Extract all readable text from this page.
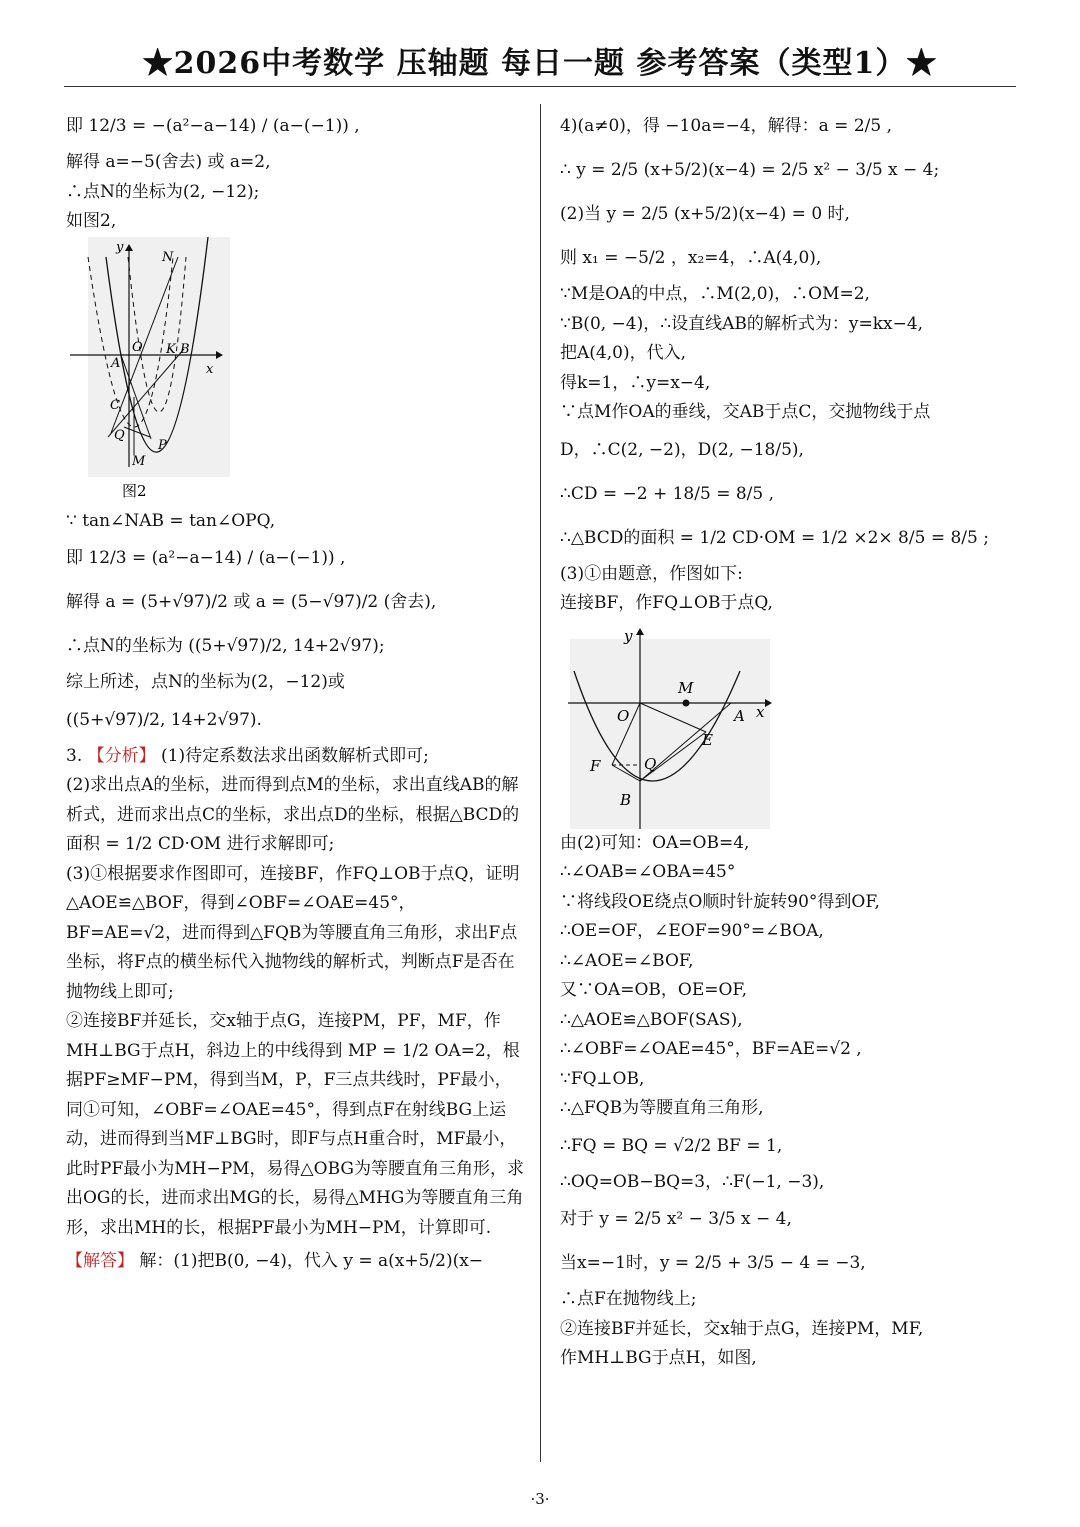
★2026中考数学 压轴题 每日一题 参考答案（类型1）★
即 12/3 = −(a²−a−14) / (a−(−1)) ,
解得 a=−5(舍去) 或 a=2,
∴点N的坐标为(2, −12);
如图2,
y
x
N
O
A
K B
C
Q
P
M
图2
∵ tan∠NAB = tan∠OPQ,
即 12/3 = (a²−a−14) / (a−(−1)) ,
解得 a = (5+√97)/2 或 a = (5−√97)/2 (舍去),
∴点N的坐标为 ((5+√97)/2, 14+2√97);
综上所述，点N的坐标为(2，−12)或
((5+√97)/2, 14+2√97).
3. 【分析】 (1)待定系数法求出函数解析式即可;
(2)求出点A的坐标，进而得到点M的坐标，求出直线AB的解析式，进而求出点C的坐标，求出点D的坐标，根据△BCD的面积 = 1/2 CD·OM 进行求解即可;
(3)①根据要求作图即可，连接BF，作FQ⊥OB于点Q，证明△AOE≌△BOF，得到∠OBF=∠OAE=45°，BF=AE=√2，进而得到△FQB为等腰直角三角形，求出F点坐标，将F点的横坐标代入抛物线的解析式，判断点F是否在抛物线上即可;
②连接BF并延长，交x轴于点G，连接PM，PF，MF，作MH⊥BG于点H，斜边上的中线得到 MP = 1/2 OA=2，根据PF≥MF−PM，得到当M，P，F三点共线时，PF最小，同①可知，∠OBF=∠OAE=45°，得到点F在射线BG上运动，进而得到当MF⊥BG时，即F与点H重合时，MF最小，此时PF最小为MH−PM，易得△OBG为等腰直角三角形，求出OG的长，进而求出MG的长，易得△MHG为等腰直角三角形，求出MH的长，根据PF最小为MH−PM，计算即可.
【解答】 解：(1)把B(0, −4)，代入 y = a(x+5/2)(x−
4)(a≠0)，得 −10a=−4，解得：a = 2/5 ,
∴ y = 2/5 (x+5/2)(x−4) = 2/5 x² − 3/5 x − 4;
(2)当 y = 2/5 (x+5/2)(x−4) = 0 时,
则 x₁ = −5/2 ，x₂=4，∴A(4,0),
∵M是OA的中点，∴M(2,0)，∴OM=2,
∵B(0, −4)，∴设直线AB的解析式为：y=kx−4,
把A(4,0)，代入,
得k=1，∴y=x−4,
∵点M作OA的垂线，交AB于点C，交抛物线于点
D，∴C(2, −2)，D(2, −18/5),
∴CD = −2 + 18/5 = 8/5 ,
∴△BCD的面积 = 1/2 CD·OM = 1/2 ×2× 8/5 = 8/5 ;
(3)①由题意，作图如下:
连接BF，作FQ⊥OB于点Q,
y
x
M
O	A
E
F	Q
B
由(2)可知：OA=OB=4,
∴∠OAB=∠OBA=45°
∵将线段OE绕点O顺时针旋转90°得到OF,
∴OE=OF，∠EOF=90°=∠BOA,
∴∠AOE=∠BOF,
又∵OA=OB，OE=OF,
∴△AOE≌△BOF(SAS),
∴∠OBF=∠OAE=45°，BF=AE=√2 ,
∵FQ⊥OB,
∴△FQB为等腰直角三角形,
∴FQ = BQ = √2/2 BF = 1,
∴OQ=OB−BQ=3，∴F(−1, −3),
对于 y = 2/5 x² − 3/5 x − 4,
当x=−1时，y = 2/5 + 3/5 − 4 = −3,
∴点F在抛物线上;
②连接BF并延长，交x轴于点G，连接PM，MF,
作MH⊥BG于点H，如图,
·3·
